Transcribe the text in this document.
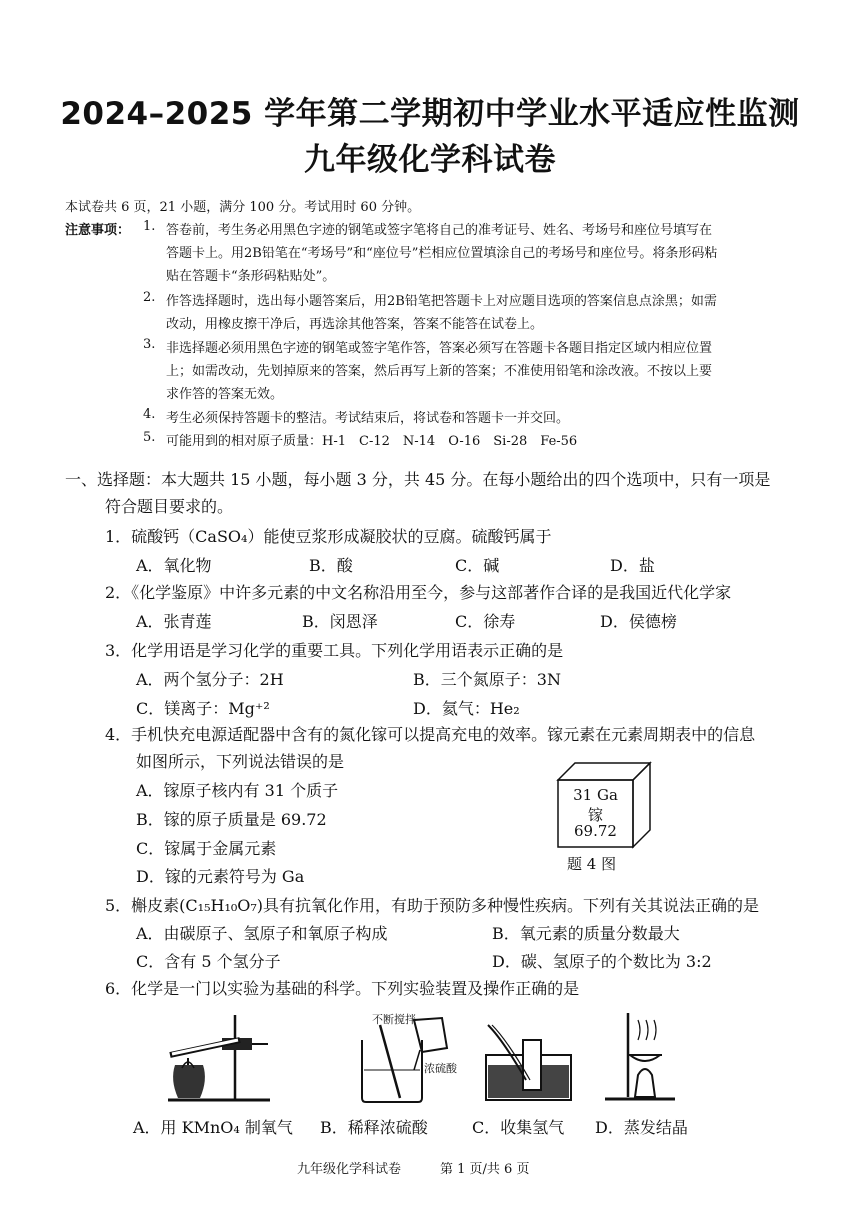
2024–2025 学年第二学期初中学业水平适应性监测
九年级化学科试卷
本试卷共 6 页，21 小题，满分 100 分。考试用时 60 分钟。
注意事项： 1. 答卷前，考生务必用黑色字迹的钢笔或签字笔将自己的准考证号、姓名、考场号和座位号填写在
答题卡上。用2B铅笔在“考场号”和“座位号”栏相应位置填涂自己的考场号和座位号。将条形码粘
贴在答题卡“条形码粘贴处”。
2. 作答选择题时，选出每小题答案后，用2B铅笔把答题卡上对应题目选项的答案信息点涂黑；如需
改动，用橡皮擦干净后，再选涂其他答案，答案不能答在试卷上。
3. 非选择题必须用黑色字迹的钢笔或签字笔作答，答案必须写在答题卡各题目指定区域内相应位置
上；如需改动，先划掉原来的答案，然后再写上新的答案；不准使用铅笔和涂改液。不按以上要
求作答的答案无效。
4. 考生必须保持答题卡的整洁。考试结束后，将试卷和答题卡一并交回。
5. 可能用到的相对原子质量：H-1　C-12　N-14　O-16　Si-28　Fe-56
一、选择题：本大题共 15 小题，每小题 3 分，共 45 分。在每小题给出的四个选项中，只有一项是
符合题目要求的。
1．硫酸钙（CaSO₄）能使豆浆形成凝胶状的豆腐。硫酸钙属于
A．氧化物	B．酸	C．碱	D．盐
2．《化学鉴原》中许多元素的中文名称沿用至今，参与这部著作合译的是我国近代化学家
A．张青莲	B．闵恩泽	C．徐寿	D．侯德榜
3．化学用语是学习化学的重要工具。下列化学用语表示正确的是
A．两个氢分子：2H	B．三个氮原子：3N
C．镁离子：Mg⁺²	D．氦气：He₂
4．手机快充电源适配器中含有的氮化镓可以提高充电的效率。镓元素在元素周期表中的信息
如图所示，下列说法错误的是
A．镓原子核内有 31 个质子
B．镓的原子质量是 69.72
C．镓属于金属元素
D．镓的元素符号为 Ga
31 Ga
镓
69.72
题 4 图
5．槲皮素(C₁₅H₁₀O₇)具有抗氧化作用，有助于预防多种慢性疾病。下列有关其说法正确的是
A．由碳原子、氢原子和氧原子构成	B．氧元素的质量分数最大
C．含有 5 个氢分子	D．碳、氢原子的个数比为 3:2
6．化学是一门以实验为基础的科学。下列实验装置及操作正确的是
不断搅拌
浓硫酸
A．用 KMnO₄ 制氧气 B．稀释浓硫酸	C．收集氢气 D．蒸发结晶
九年级化学科试卷	第 1 页/共 6 页
